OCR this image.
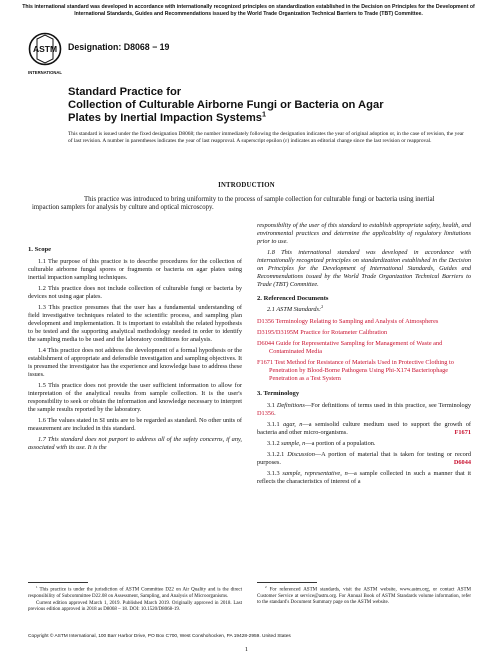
This international standard was developed in accordance with internationally recognized principles on standardization established in the Decision on Principles for the Development of International Standards, Guides and Recommendations issued by the World Trade Organization Technical Barriers to Trade (TBT) Committee.
ASTM
INTERNATIONAL
Designation: D8068 − 19
Standard Practice for
Collection of Culturable Airborne Fungi or Bacteria on Agar Plates by Inertial Impaction Systems$^1$
This standard is issued under the fixed designation D8068; the number immediately following the designation indicates the year of original adoption or, in the case of revision, the year of last revision. A number in parentheses indicates the year of last reapproval. A superscript epsilon (ε) indicates an editorial change since the last revision or reapproval.
INTRODUCTION
This practice was introduced to bring uniformity to the process of sample collection for culturable fungi or bacteria using inertial impaction samplers for analysis by culture and optical microscopy.
1. Scope

1.1 The purpose of this practice is to describe procedures for the collection of culturable airborne fungal spores or fragments or bacteria on agar plates using inertial impaction sampling techniques.

1.2 This practice does not include collection of culturable fungi or bacteria by devices not using agar plates.

1.3 This practice presumes that the user has a fundamental understanding of field investigative techniques related to the scientific process, and sampling plan development and implementation. It is important to establish the related hypothesis to be tested and the supporting analytical methodology needed in order to identify the sampling media to be used and the laboratory conditions for analysis.

1.4 This practice does not address the development of a formal hypothesis or the establishment of appropriate and defensible investigation and sampling objectives. It is presumed the investigator has the experience and knowledge base to address these issues.

1.5 This practice does not provide the user sufficient information to allow for interpretation of the analytical results from sample collection. It is the user's responsibility to seek or obtain the information and knowledge necessary to interpret the sample results reported by the laboratory.

1.6 The values stated in SI units are to be regarded as standard. No other units of measurement are included in this standard.

1.7 This standard does not purport to address all of the safety concerns, if any, associated with its use. It is the

$^1$ This practice is under the jurisdiction of ASTM Committee D22 on Air Quality and is the direct responsibility of Subcommittee D22.08 on Assessment, Sampling, and Analysis of Microorganisms.

Current edition approved March 1, 2019. Published March 2019. Originally approved in 2018. Last previous edition approved in 2018 as D8068 – 18. DOI: 10.1520/D8068-19.

responsibility of the user of this standard to establish appropriate safety, health, and environmental practices and determine the applicability of regulatory limitations prior to use.

1.8 This international standard was developed in accordance with internationally recognized principles on standardization established in the Decision on Principles for the Development of International Standards, Guides and Recommendations issued by the World Trade Organization Technical Barriers to Trade (TBT) Committee.

2. Referenced Documents

2.1 ASTM Standards:$^2$

D1356 Terminology Relating to Sampling and Analysis of Atmospheres

D3195/D3195M Practice for Rotameter Calibration

D6044 Guide for Representative Sampling for Management of Waste and Contaminated Media

F1671 Test Method for Resistance of Materials Used in Protective Clothing to Penetration by Blood-Borne Pathogens Using Phi-X174 Bacteriophage Penetration as a Test System

3. Terminology

3.1 Definitions—For definitions of terms used in this practice, see Terminology D1356.

3.1.1 agar, n—a semisolid culture medium used to support the growth of bacteria and other micro-organisms.	F1671

3.1.2 sample, n—a portion of a population.

3.1.2.1 Discussion—A portion of material that is taken for testing or record purposes.	D6044

3.1.3 sample, representative, n—a sample collected in such a manner that it reflects the characteristics of interest of a

$^2$ For referenced ASTM standards, visit the ASTM website, www.astm.org, or contact ASTM Customer Service at service@astm.org. For Annual Book of ASTM Standards volume information, refer to the standard's Document Summary page on the ASTM website.

Copyright © ASTM International, 100 Barr Harbor Drive, PO Box C700, West Conshohocken, PA 19428-2959. United States
1
